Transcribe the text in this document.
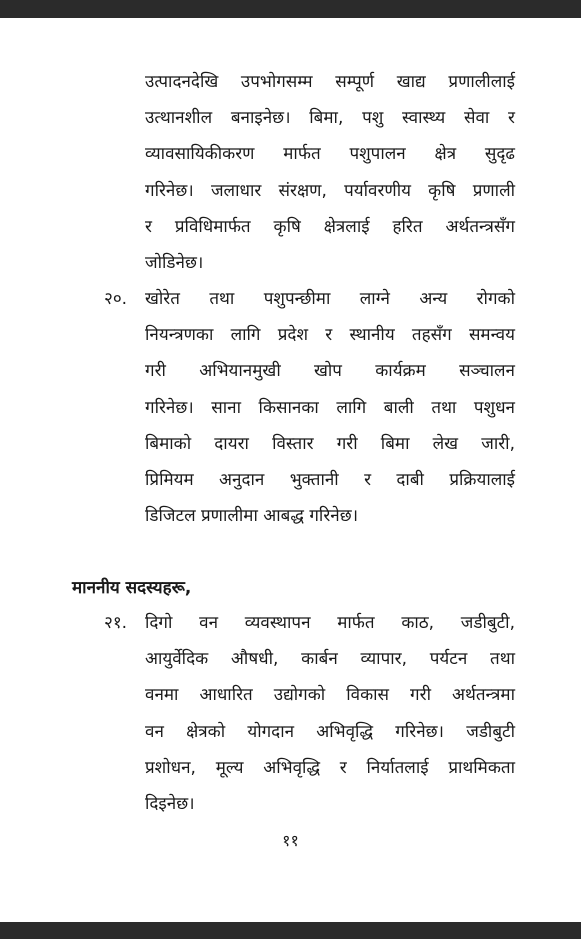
उत्पादनदेखि उपभोगसम्म सम्पूर्ण खाद्य प्रणालीलाई
उत्थानशील बनाइनेछ। बिमा, पशु स्वास्थ्य सेवा र
व्यावसायिकीकरण मार्फत पशुपालन क्षेत्र सुदृढ
गरिनेछ। जलाधार संरक्षण, पर्यावरणीय कृषि प्रणाली
र प्रविधिमार्फत कृषि क्षेत्रलाई हरित अर्थतन्त्रसँग
जोडिनेछ।
२०. खोरेत तथा पशुपन्छीमा लाग्ने अन्य रोगको
नियन्त्रणका लागि प्रदेश र स्थानीय तहसँग समन्वय
गरी अभियानमुखी खोप कार्यक्रम सञ्चालन
गरिनेछ। साना किसानका लागि बाली तथा पशुधन
बिमाको दायरा विस्तार गरी बिमा लेख जारी,
प्रिमियम अनुदान भुक्तानी र दाबी प्रक्रियालाई
डिजिटल प्रणालीमा आबद्ध गरिनेछ।
माननीय सदस्यहरू,
२१. दिगो वन व्यवस्थापन मार्फत काठ, जडीबुटी,
आयुर्वेदिक औषधी, कार्बन व्यापार, पर्यटन तथा
वनमा आधारित उद्योगको विकास गरी अर्थतन्त्रमा
वन क्षेत्रको योगदान अभिवृद्धि गरिनेछ। जडीबुटी
प्रशोधन, मूल्य अभिवृद्धि र निर्यातलाई प्राथमिकता
दिइनेछ।
११
